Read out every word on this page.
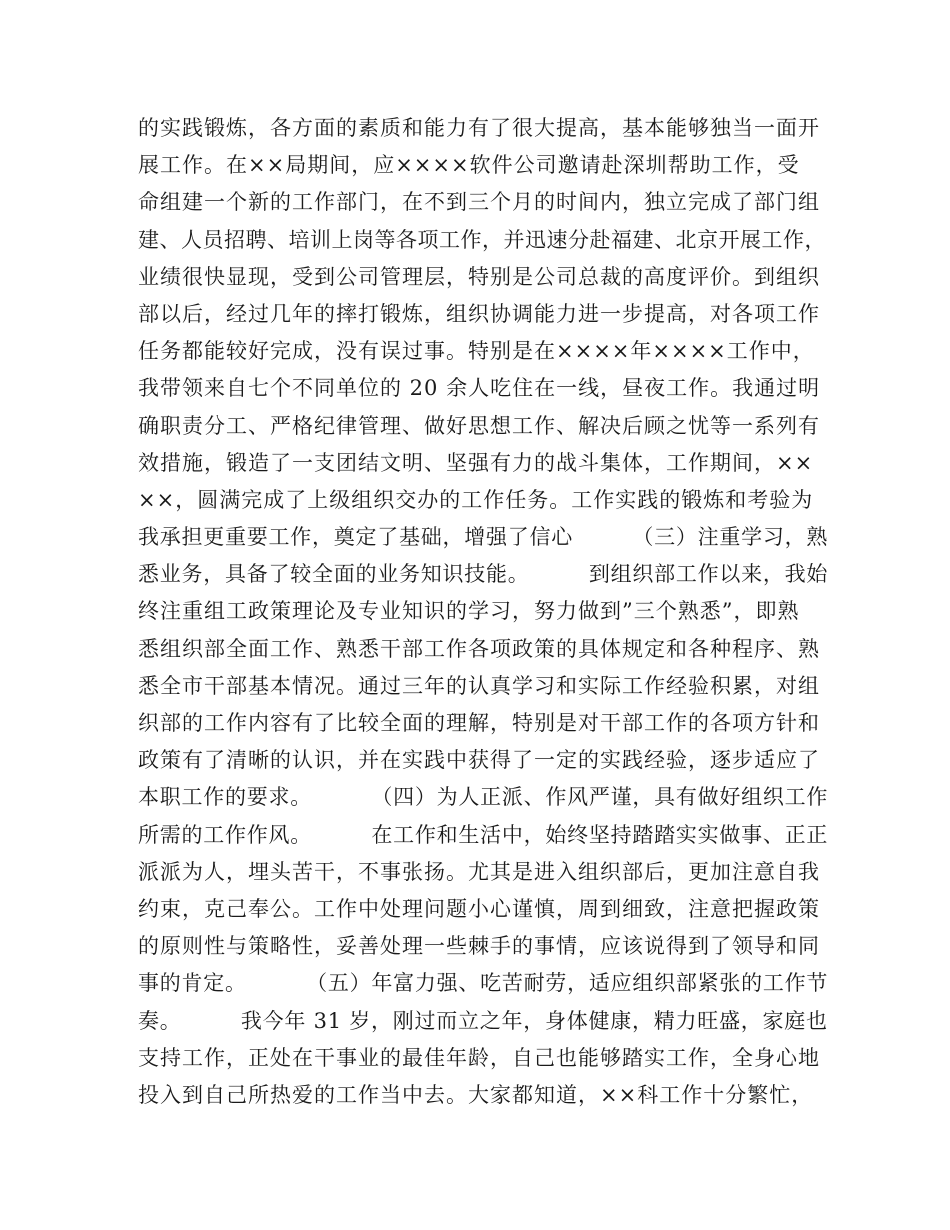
的实践锻炼，各方面的素质和能力有了很大提高，基本能够独当一面开
展工作。在××局期间，应××××软件公司邀请赴深圳帮助工作，受
命组建一个新的工作部门，在不到三个月的时间内，独立完成了部门组
建、人员招聘、培训上岗等各项工作，并迅速分赴福建、北京开展工作，
业绩很快显现，受到公司管理层，特别是公司总裁的高度评价。到组织
部以后，经过几年的摔打锻炼，组织协调能力进一步提高，对各项工作
任务都能较好完成，没有误过事。特别是在××××年××××工作中，
我带领来自七个不同单位的 20 余人吃住在一线，昼夜工作。我通过明
确职责分工、严格纪律管理、做好思想工作、解决后顾之忧等一系列有
效措施，锻造了一支团结文明、坚强有力的战斗集体，工作期间，××
××，圆满完成了上级组织交办的工作任务。工作实践的锻炼和考验为
我承担更重要工作，奠定了基础，增强了信心        （三）注重学习，熟
悉业务，具备了较全面的业务知识技能。        到组织部工作以来，我始
终注重组工政策理论及专业知识的学习，努力做到”三个熟悉”，即熟
悉组织部全面工作、熟悉干部工作各项政策的具体规定和各种程序、熟
悉全市干部基本情况。通过三年的认真学习和实际工作经验积累，对组
织部的工作内容有了比较全面的理解，特别是对干部工作的各项方针和
政策有了清晰的认识，并在实践中获得了一定的实践经验，逐步适应了
本职工作的要求。        （四）为人正派、作风严谨，具有做好组织工作
所需的工作作风。        在工作和生活中，始终坚持踏踏实实做事、正正
派派为人，埋头苦干，不事张扬。尤其是进入组织部后，更加注意自我
约束，克己奉公。工作中处理问题小心谨慎，周到细致，注意把握政策
的原则性与策略性，妥善处理一些棘手的事情，应该说得到了领导和同
事的肯定。        （五）年富力强、吃苦耐劳，适应组织部紧张的工作节
奏。        我今年 31 岁，刚过而立之年，身体健康，精力旺盛，家庭也
支持工作，正处在干事业的最佳年龄，自己也能够踏实工作，全身心地
投入到自己所热爱的工作当中去。大家都知道，××科工作十分繁忙，
